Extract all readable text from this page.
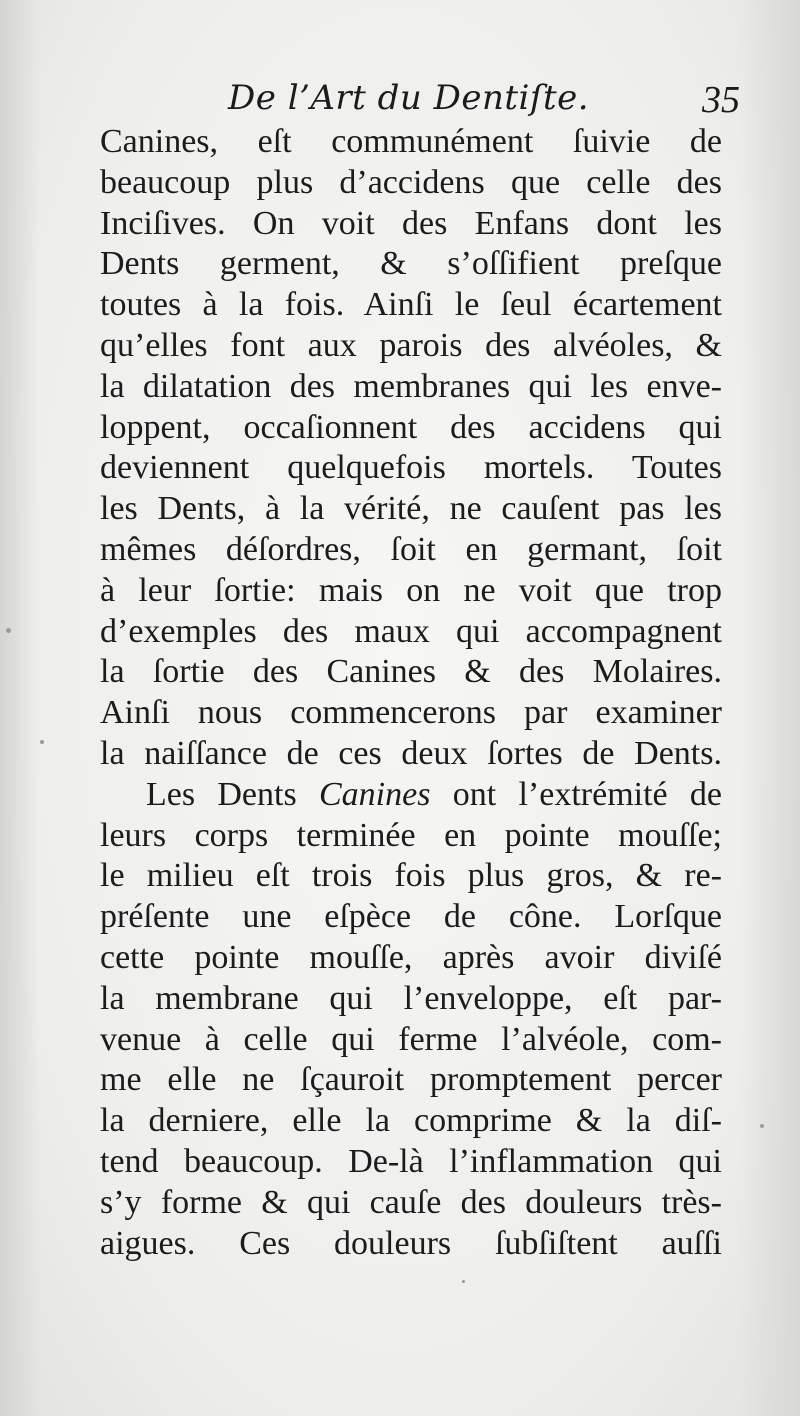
De l’Art du Dentiſte.	35
Canines, eſt communément ſuivie de
beaucoup plus d’accidens que celle des
Inciſives. On voit des Enfans dont les
Dents germent, & s’oſſifient preſque
toutes à la fois. Ainſi le ſeul écartement
qu’elles font aux parois des alvéoles, &
la dilatation des membranes qui les enve-
loppent, occaſionnent des accidens qui
deviennent quelquefois mortels. Toutes
les Dents, à la vérité, ne cauſent pas les
mêmes déſordres, ſoit en germant, ſoit
à leur ſortie: mais on ne voit que trop
d’exemples des maux qui accompagnent
la ſortie des Canines & des Molaires.
Ainſi nous commencerons par examiner
la naiſſance de ces deux ſortes de Dents.
Les Dents Canines ont l’extrémité de
leurs corps terminée en pointe mouſſe;
le milieu eſt trois fois plus gros, & re-
préſente une eſpèce de cône. Lorſque
cette pointe mouſſe, après avoir diviſé
la membrane qui l’enveloppe, eſt par-
venue à celle qui ferme l’alvéole, com-
me elle ne ſçauroit promptement percer
la derniere, elle la comprime & la diſ-
tend beaucoup. De-là l’inflammation qui
s’y forme & qui cauſe des douleurs très-
aigues. Ces douleurs ſubſiſtent auſſi
